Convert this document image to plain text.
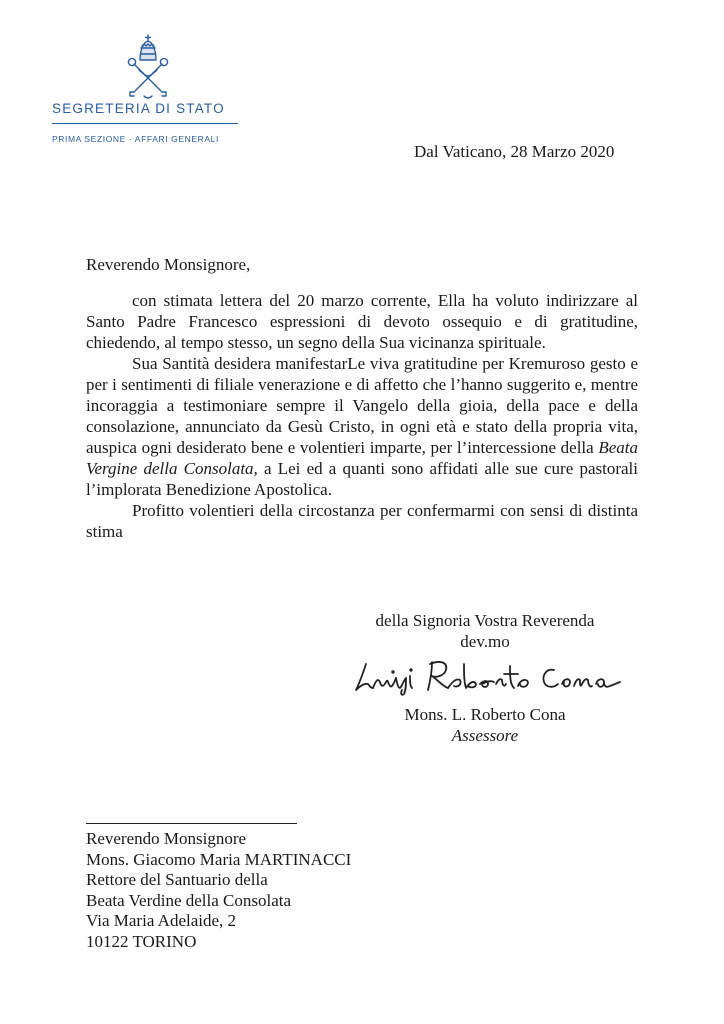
SEGRETERIA DI STATO
PRIMA SEZIONE · AFFARI GENERALI
Dal Vaticano, 28 Marzo 2020
Reverendo Monsignore,

con stimata lettera del 20 marzo corrente, Ella ha voluto indirizzare al Santo Padre Francesco espressioni di devoto ossequio e di gratitudine, chiedendo, al tempo stesso, un segno della Sua vicinanza spirituale.

Sua Santità desidera manifestarLe viva gratitudine per Kremuroso gesto e per i sentimenti di filiale venerazione e di affetto che l’hanno suggerito e, mentre incoraggia a testimoniare sempre il Vangelo della gioia, della pace e della consolazione, annunciato da Gesù Cristo, in ogni età e stato della propria vita, auspica ogni desiderato bene e volentieri imparte, per l’intercessione della Beata Vergine della Consolata, a Lei ed a quanti sono affidati alle sue cure pastorali l’implorata Benedizione Apostolica.

Profitto volentieri della circostanza per confermarmi con sensi di distinta stima

della Signoria Vostra Reverenda
dev.mo
Mons. L. Roberto Cona
Assessore
Reverendo Monsignore
Mons. Giacomo Maria MARTINACCI
Rettore del Santuario della
Beata Verdine della Consolata
Via Maria Adelaide, 2
10122 TORINO
